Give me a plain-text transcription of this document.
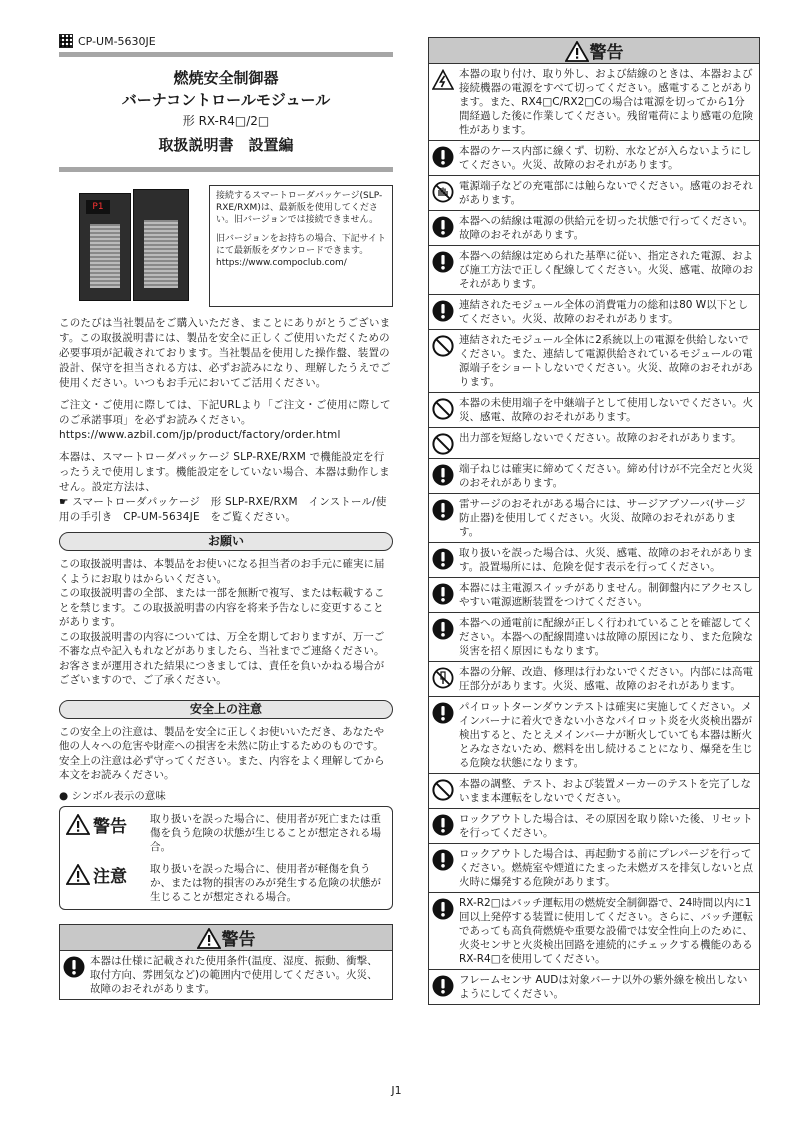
CP-UM-5630JE
燃焼安全制御器
バーナコントロールモジュール
形 RX-R4□/2□
取扱説明書　設置編
P1

接続するスマートローダパッケージ(SLP-RXE/RXM)は、最新版を使用してください。旧バージョンでは接続できません。

旧バージョンをお持ちの場合、下記サイトにて最新版をダウンロードできます。
https://www.compoclub.com/

このたびは当社製品をご購入いただき、まことにありがとうございます。この取扱説明書には、製品を安全に正しくご使用いただくための必要事項が記載されております。当社製品を使用した操作盤、装置の設計、保守を担当される方は、必ずお読みになり、理解したうえでご使用ください。いつもお手元においてご活用ください。

ご注文・ご使用に際しては、下記URLより「ご注文・ご使用に際してのご承諾事項」を必ずお読みください。
https://www.azbil.com/jp/product/factory/order.html

本器は、スマートローダパッケージ SLP-RXE/RXM で機能設定を行ったうえで使用します。機能設定をしていない場合、本器は動作しません。設定方法は、
☛ スマートローダパッケージ　形 SLP-RXE/RXM　インストール/使用の手引き　CP-UM-5634JE　をご覧ください。

お願い
この取扱説明書は、本製品をお使いになる担当者のお手元に確実に届くようにお取りはからいください。
この取扱説明書の全部、または一部を無断で複写、または転載することを禁じます。この取扱説明書の内容を将来予告なしに変更することがあります。
この取扱説明書の内容については、万全を期しておりますが、万一ご不審な点や記入もれなどがありましたら、当社までご連絡ください。
お客さまが運用された結果につきましては、責任を負いかねる場合がございますので、ご了承ください。
安全上の注意
この安全上の注意は、製品を安全に正しくお使いいただき、あなたや他の人々への危害や財産への損害を未然に防止するためのものです。安全上の注意は必ず守ってください。また、内容をよく理解してから本文をお読みください。
● シンボル表示の意味
警告 取り扱いを誤った場合に、使用者が死亡または重傷を負う危険の状態が生じることが想定される場合。
注意 取り扱いを誤った場合に、使用者が軽傷を負うか、または物的損害のみが発生する危険の状態が生じることが想定される場合。
警告
本器は仕様に記載された使用条件(温度、湿度、振動、衝撃、取付方向、雰囲気など)の範囲内で使用してください。火災、故障のおそれがあります。
警告
本器の取り付け、取り外し、および結線のときは、本器および接続機器の電源をすべて切ってください。感電することがあります。また、RX4□C/RX2□Cの場合は電源を切ってから1分間経過した後に作業してください。残留電荷により感電の危険性があります。
本器のケース内部に線くず、切粉、水などが入らないようにしてください。火災、故障のおそれがあります。
電源端子などの充電部には触らないでください。感電のおそれがあります。
本器への結線は電源の供給元を切った状態で行ってください。故障のおそれがあります。
本器への結線は定められた基準に従い、指定された電源、および施工方法で正しく配線してください。火災、感電、故障のおそれがあります。
連結されたモジュール全体の消費電力の総和は80 W以下としてください。火災、故障のおそれがあります。
連結されたモジュール全体に2系統以上の電源を供給しないでください。また、連結して電源供給されているモジュールの電源端子をショートしないでください。火災、故障のおそれがあります。
本器の未使用端子を中継端子として使用しないでください。火災、感電、故障のおそれがあります。
出力部を短絡しないでください。故障のおそれがあります。
端子ねじは確実に締めてください。締め付けが不完全だと火災のおそれがあります。
雷サージのおそれがある場合には、サージアブソーバ(サージ防止器)を使用してください。火災、故障のおそれがあります。
取り扱いを誤った場合は、火災、感電、故障のおそれがあります。設置場所には、危険を促す表示を行ってください。
本器には主電源スイッチがありません。制御盤内にアクセスしやすい電源遮断装置をつけてください。
本器への通電前に配線が正しく行われていることを確認してください。本器への配線間違いは故障の原因になり、また危険な災害を招く原因にもなります。
本器の分解、改造、修理は行わないでください。内部には高電圧部分があります。火災、感電、故障のおそれがあります。
パイロットターンダウンテストは確実に実施してください。メインバーナに着火できない小さなパイロット炎を火炎検出器が検出すると、たとえメインバーナが断火していても本器は断火とみなさないため、燃料を出し続けることになり、爆発を生じる危険な状態になります。
本器の調整、テスト、および装置メーカーのテストを完了しないまま本運転をしないでください。
ロックアウトした場合は、その原因を取り除いた後、リセットを行ってください。
ロックアウトした場合は、再起動する前にプレパージを行ってください。燃焼室や煙道にたまった未燃ガスを排気しないと点火時に爆発する危険があります。
RX-R2□はバッチ運転用の燃焼安全制御器で、24時間以内に1回以上発停する装置に使用してください。さらに、バッチ運転であっても高負荷燃焼や重要な設備では安全性向上のために、火炎センサと火炎検出回路を連続的にチェックする機能のあるRX-R4□を使用してください。
フレームセンサ AUDは対象バーナ以外の紫外線を検出しないようにしてください。
J1
